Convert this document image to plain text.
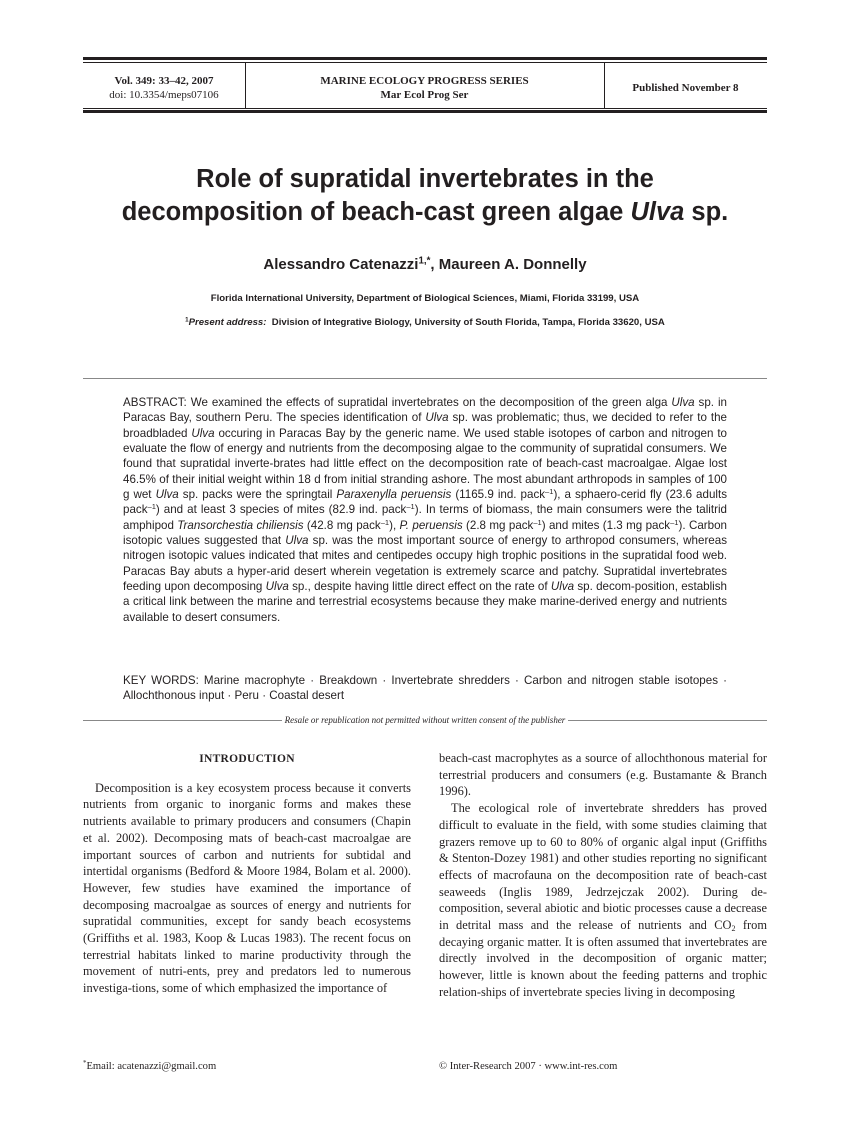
Vol. 349: 33–42, 2007
doi: 10.3354/meps07106
MARINE ECOLOGY PROGRESS SERIES
Mar Ecol Prog Ser
Published November 8
Role of supratidal invertebrates in the
decomposition of beach-cast green algae Ulva sp.
Alessandro Catenazzi$^{1,*}$, Maureen A. Donnelly
Florida International University, Department of Biological Sciences, Miami, Florida 33199, USA
$^1$Present address: Division of Integrative Biology, University of South Florida, Tampa, Florida 33620, USA
ABSTRACT: We examined the effects of supratidal invertebrates on the decomposition of the green alga Ulva sp. in Paracas Bay, southern Peru. The species identification of Ulva sp. was problematic; thus, we decided to refer to the broadbladed Ulva occuring in Paracas Bay by the generic name. We used stable isotopes of carbon and nitrogen to evaluate the flow of energy and nutrients from the decomposing algae to the community of supratidal consumers. We found that supratidal inverte-brates had little effect on the decomposition rate of beach-cast macroalgae. Algae lost 46.5% of their initial weight within 18 d from initial stranding ashore. The most abundant arthropods in samples of 100 g wet Ulva sp. packs were the springtail Paraxenylla peruensis (1165.9 ind. pack$^{-1}$), a sphaero-cerid fly (23.6 adults pack$^{-1}$) and at least 3 species of mites (82.9 ind. pack$^{-1}$). In terms of biomass, the main consumers were the talitrid amphipod Transorchestia chiliensis (42.8 mg pack$^{-1}$), P. peruensis (2.8 mg pack$^{-1}$) and mites (1.3 mg pack$^{-1}$). Carbon isotopic values suggested that Ulva sp. was the most important source of energy to arthropod consumers, whereas nitrogen isotopic values indicated that mites and centipedes occupy high trophic positions in the supratidal food web. Paracas Bay abuts a hyper-arid desert wherein vegetation is extremely scarce and patchy. Supratidal invertebrates feeding upon decomposing Ulva sp., despite having little direct effect on the rate of Ulva sp. decom-position, establish a critical link between the marine and terrestrial ecosystems because they make marine-derived energy and nutrients available to desert consumers.
KEY WORDS: Marine macrophyte · Breakdown · Invertebrate shredders · Carbon and nitrogen stable isotopes · Allochthonous input · Peru · Coastal desert
Resale or republication not permitted without written consent of the publisher

INTRODUCTION

Decomposition is a key ecosystem process because it converts nutrients from organic to inorganic forms and makes these nutrients available to primary producers and consumers (Chapin et al. 2002). Decomposing mats of beach-cast macroalgae are important sources of carbon and nutrients for subtidal and intertidal organisms (Bedford & Moore 1984, Bolam et al. 2000). However, few studies have examined the importance of decomposing macroalgae as sources of energy and nutrients for supratidal communities, except for sandy beach ecosystems (Griffiths et al. 1983, Koop & Lucas 1983). The recent focus on terrestrial habitats linked to marine productivity through the movement of nutri-ents, prey and predators led to numerous investiga-tions, some of which emphasized the importance of

beach-cast macrophytes as a source of allochthonous material for terrestrial producers and consumers (e.g. Bustamante & Branch 1996).

The ecological role of invertebrate shredders has proved difficult to evaluate in the field, with some studies claiming that grazers remove up to 60 to 80% of organic algal input (Griffiths & Stenton-Dozey 1981) and other studies reporting no significant effects of macrofauna on the decomposition rate of beach-cast seaweeds (Inglis 1989, Jedrzejczak 2002). During de-composition, several abiotic and biotic processes cause a decrease in detrital mass and the release of nutrients and $CO_2$ from decaying organic matter. It is often assumed that invertebrates are directly involved in the decomposition of organic matter; however, little is known about the feeding patterns and trophic relation-ships of invertebrate species living in decomposing

*Email: acatenazzi@gmail.com	© Inter-Research 2007 · www.int-res.com
